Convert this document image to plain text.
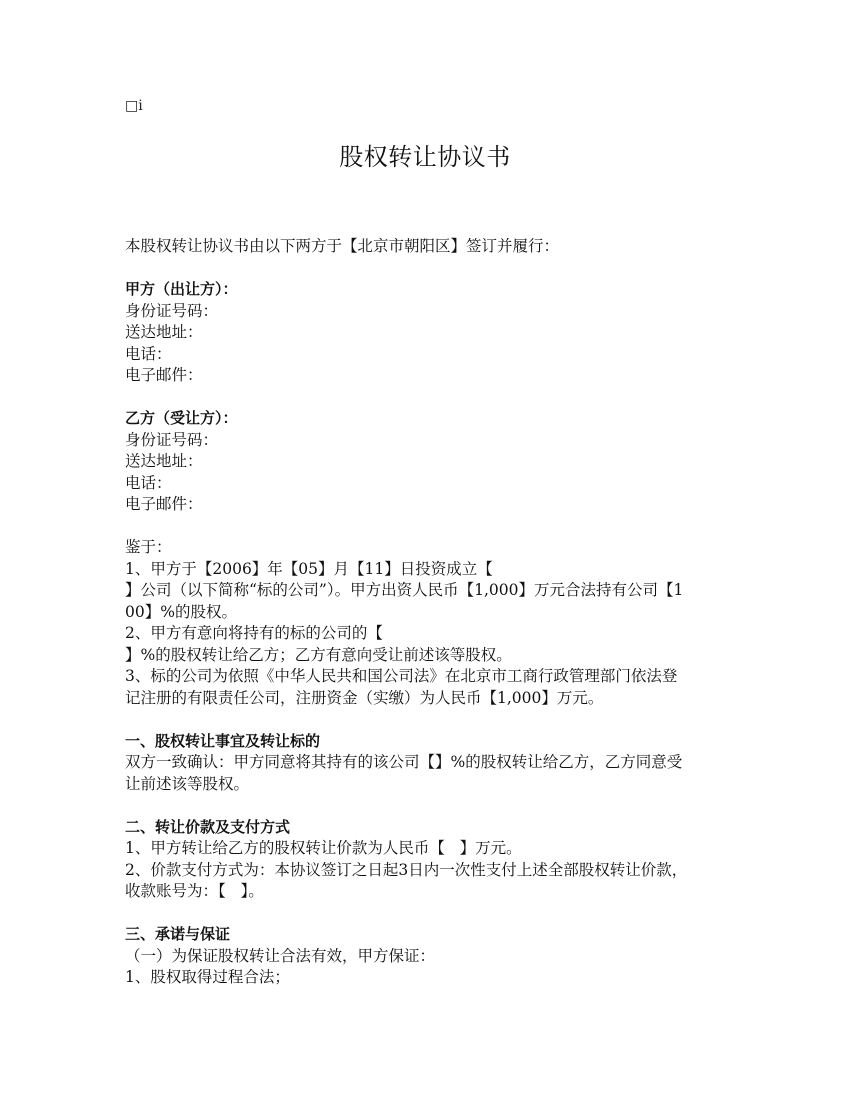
□i
股权转让协议书

本股权转让协议书由以下两方于【北京市朝阳区】签订并履行：

甲方（出让方）：

身份证号码：

送达地址：

电话：

电子邮件：

乙方（受让方）：

身份证号码：

送达地址：

电话：

电子邮件：

鉴于：

1、甲方于【2006】年【05】月【11】日投资成立【

】公司（以下简称“标的公司”）。甲方出资人民币【1,000】万元合法持有公司【1

00】%的股权。

2、甲方有意向将持有的标的公司的【

】%的股权转让给乙方；乙方有意向受让前述该等股权。

3、标的公司为依照《中华人民共和国公司法》在北京市工商行政管理部门依法登

记注册的有限责任公司，注册资金（实缴）为人民币【1,000】万元。

一、股权转让事宜及转让标的

双方一致确认：甲方同意将其持有的该公司【】%的股权转让给乙方，乙方同意受

让前述该等股权。

二、转让价款及支付方式

1、甲方转让给乙方的股权转让价款为人民币【   】万元。

2、价款支付方式为：本协议签订之日起3日内一次性支付上述全部股权转让价款，

收款账号为：【   】。

三、承诺与保证

（一）为保证股权转让合法有效，甲方保证：

1、股权取得过程合法；
